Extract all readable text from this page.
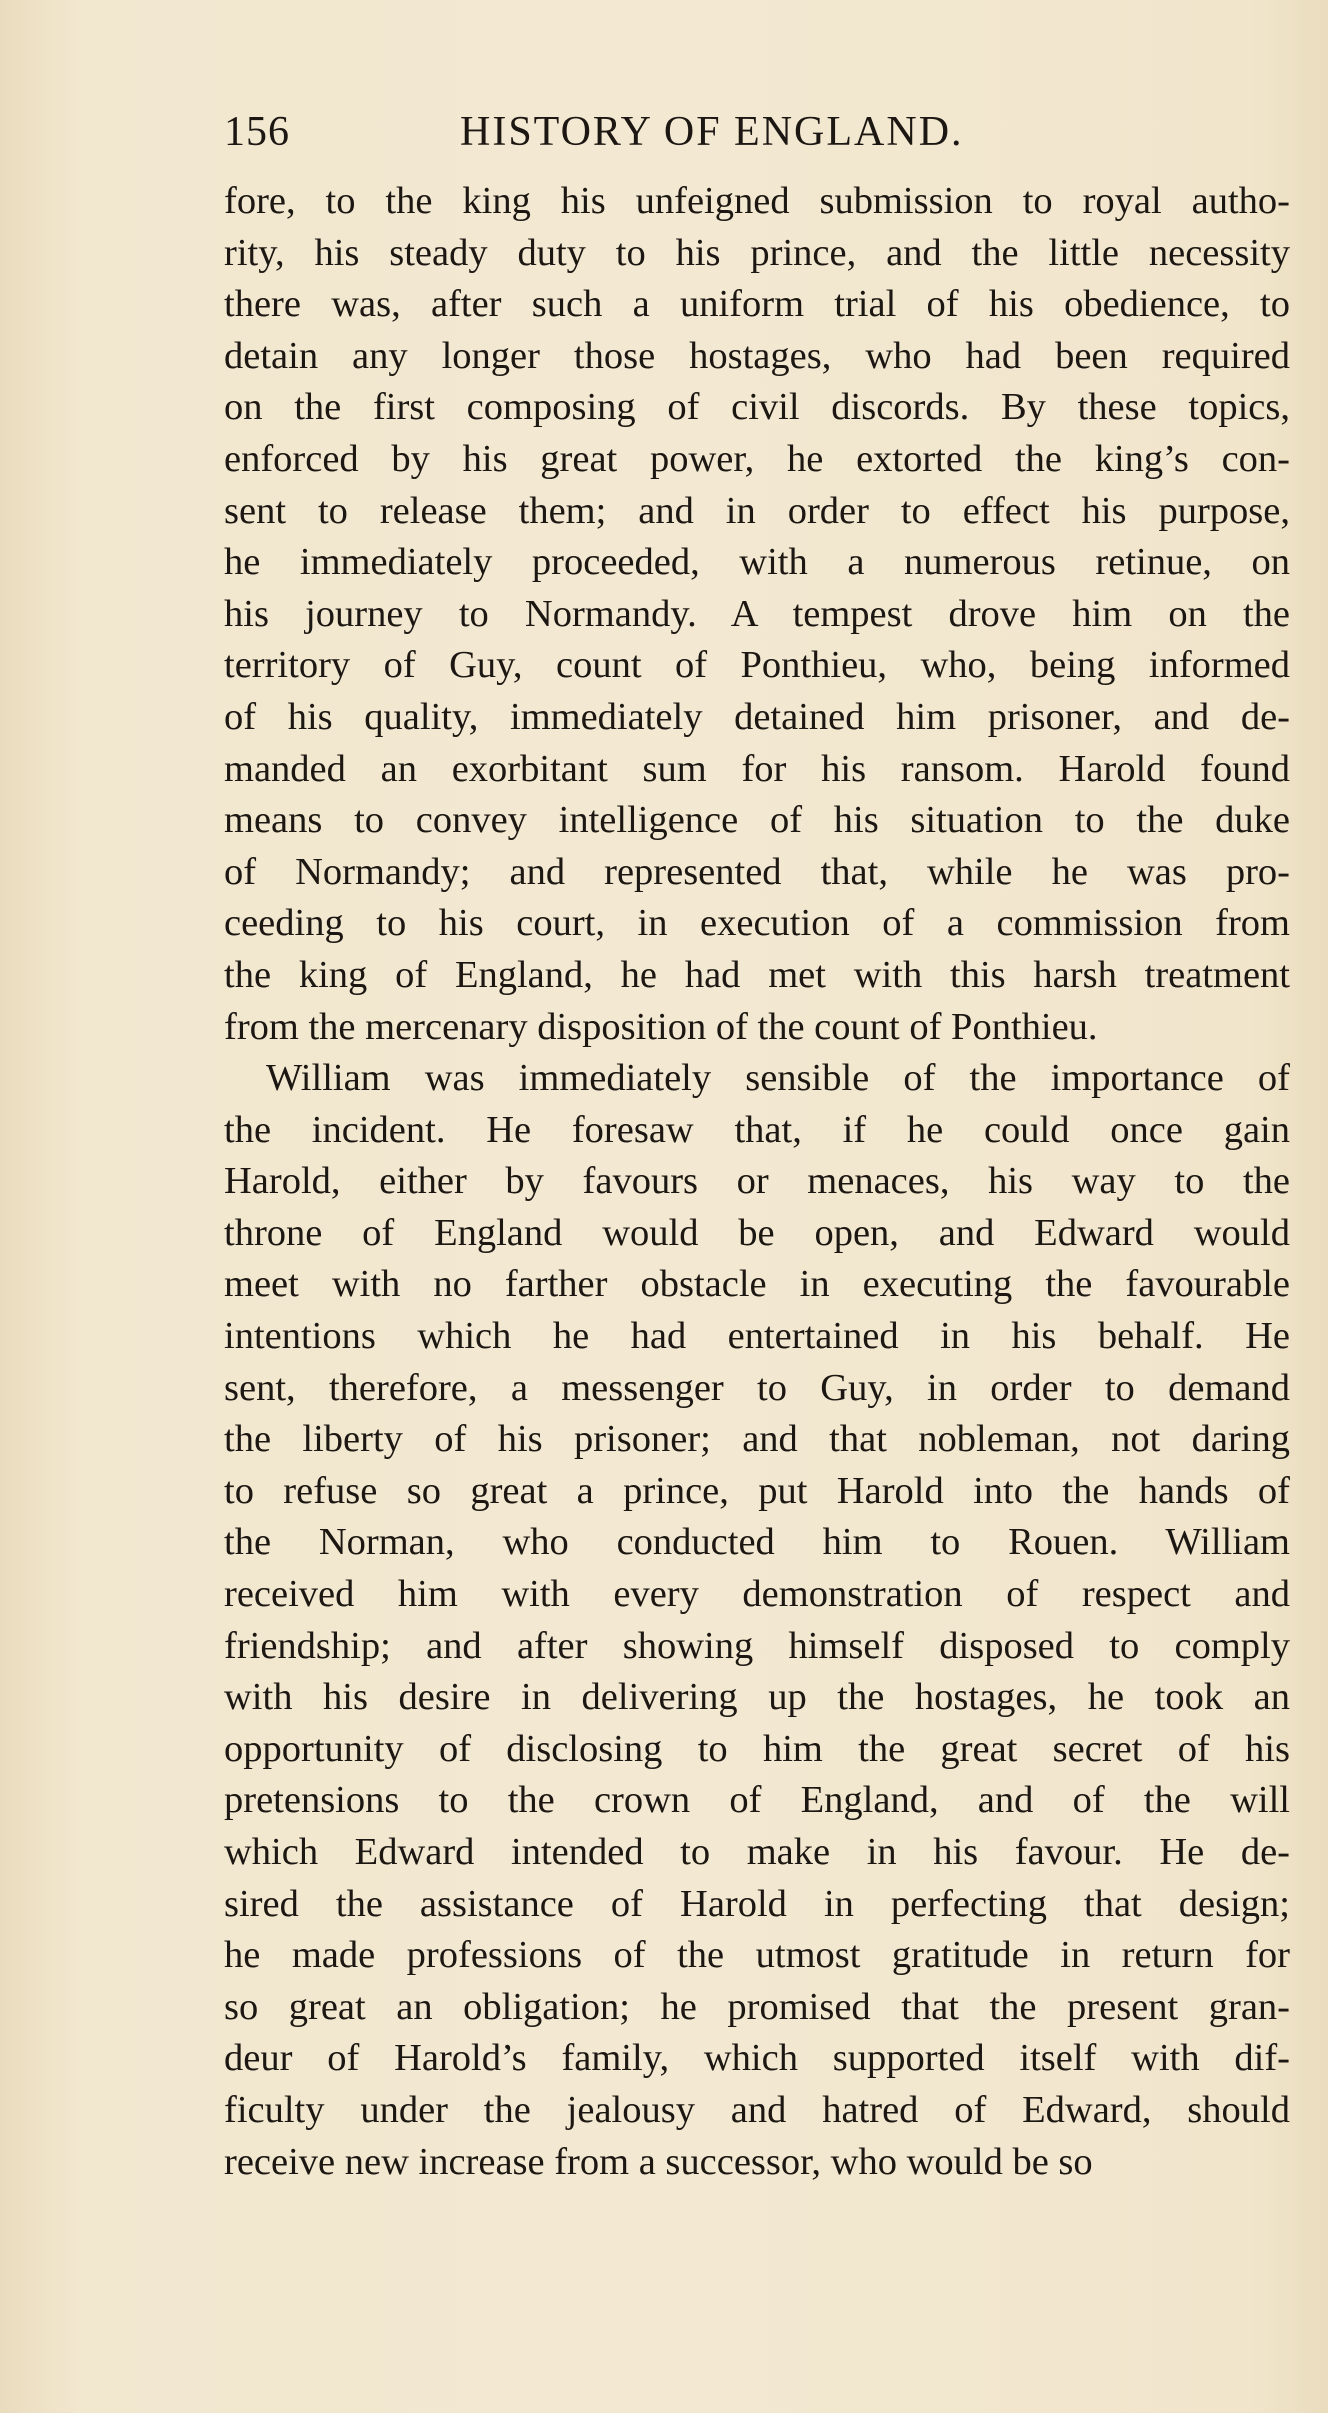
156	HISTORY OF ENGLAND.
fore, to the king his unfeigned submission to royal autho-
rity, his steady duty to his prince, and the little necessity
there was, after such a uniform trial of his obedience, to
detain any longer those hostages, who had been required
on the first composing of civil discords. By these topics,
enforced by his great power, he extorted the king’s con-
sent to release them; and in order to effect his purpose,
he immediately proceeded, with a numerous retinue, on
his journey to Normandy. A tempest drove him on the
territory of Guy, count of Ponthieu, who, being informed
of his quality, immediately detained him prisoner, and de-
manded an exorbitant sum for his ransom. Harold found
means to convey intelligence of his situation to the duke
of Normandy; and represented that, while he was pro-
ceeding to his court, in execution of a commission from
the king of England, he had met with this harsh treatment
from the mercenary disposition of the count of Ponthieu.
William was immediately sensible of the importance of
the incident. He foresaw that, if he could once gain
Harold, either by favours or menaces, his way to the
throne of England would be open, and Edward would
meet with no farther obstacle in executing the favourable
intentions which he had entertained in his behalf. He
sent, therefore, a messenger to Guy, in order to demand
the liberty of his prisoner; and that nobleman, not daring
to refuse so great a prince, put Harold into the hands of
the Norman, who conducted him to Rouen. William
received him with every demonstration of respect and
friendship; and after showing himself disposed to comply
with his desire in delivering up the hostages, he took an
opportunity of disclosing to him the great secret of his
pretensions to the crown of England, and of the will
which Edward intended to make in his favour. He de-
sired the assistance of Harold in perfecting that design;
he made professions of the utmost gratitude in return for
so great an obligation; he promised that the present gran-
deur of Harold’s family, which supported itself with dif-
ficulty under the jealousy and hatred of Edward, should
receive new increase from a successor, who would be so
